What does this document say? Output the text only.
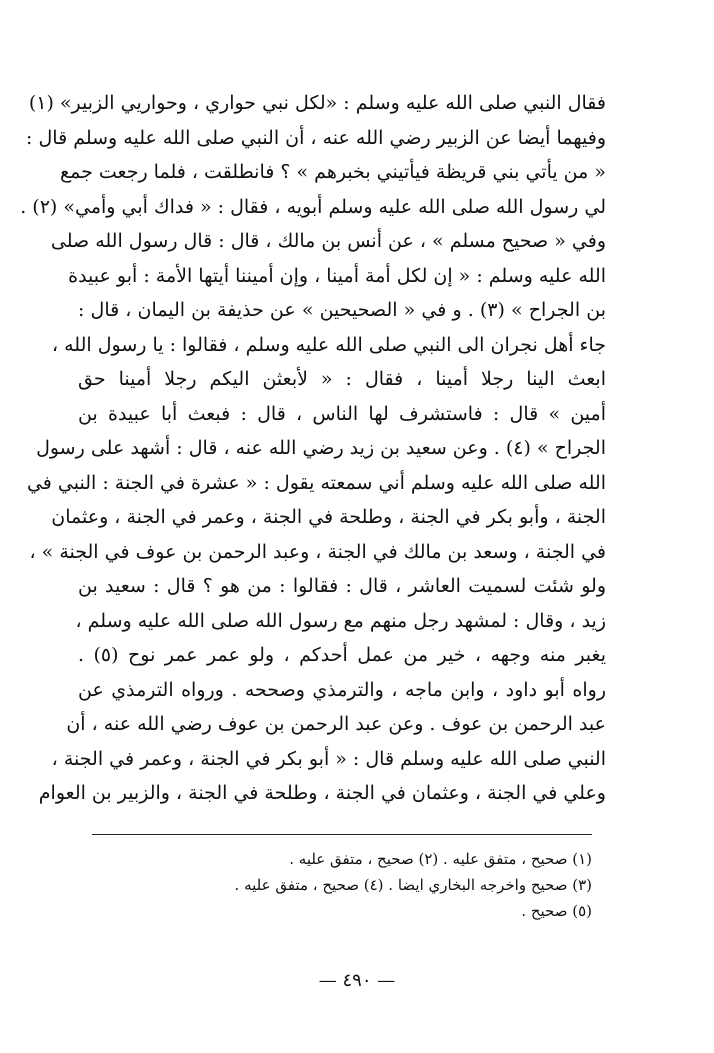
فقال النبي صلى الله عليه وسلم : «لكل نبي حواري ، وحواريي الزبير» (١)
وفيهما أيضا عن الزبير رضي الله عنه ، أن النبي صلى الله عليه وسلم قال :
« من يأتي بني قريظة فيأتيني بخبرهم » ؟ فانطلقت ، فلما رجعت جمع
لي رسول الله صلى الله عليه وسلم أبويه ، فقال : « فداك أبي وأمي» (٢) .
وفي « صحيح مسلم » ، عن أنس بن مالك ، قال : قال رسول الله صلى
الله عليه وسلم : « إن لكل أمة أمينا ، وإن أميننا أيتها الأمة : أبو عبيدة
بن الجراح » (٣) . و في « الصحيحين » عن حذيفة بن اليمان ، قال :
جاء أهل نجران الى النبي صلى الله عليه وسلم ، فقالوا : يا رسول الله ،
ابعث الينا رجلا أمينا ، فقال : « لأبعثن اليكم رجلا أمينا حق
أمين » قال : فاستشرف لها الناس ، قال : فبعث أبا عبيدة بن
الجراح » (٤) . وعن سعيد بن زيد رضي الله عنه ، قال : أشهد على رسول
الله صلى الله عليه وسلم أني سمعته يقول : « عشرة في الجنة : النبي في
الجنة ، وأبو بكر في الجنة ، وطلحة في الجنة ، وعمر في الجنة ، وعثمان
في الجنة ، وسعد بن مالك في الجنة ، وعبد الرحمن بن عوف في الجنة » ،
ولو شئت لسميت العاشر ، قال : فقالوا : من هو ؟ قال : سعيد بن
زيد ، وقال : لمشهد رجل منهم مع رسول الله صلى الله عليه وسلم ،
يغبر منه وجهه ، خير من عمل أحدكم ، ولو عمر عمر نوح (٥) .
رواه أبو داود ، وابن ماجه ، والترمذي وصححه . ورواه الترمذي عن
عبد الرحمن بن عوف . وعن عبد الرحمن بن عوف رضي الله عنه ، أن
النبي صلى الله عليه وسلم قال : « أبو بكر في الجنة ، وعمر في الجنة ،
وعلي في الجنة ، وعثمان في الجنة ، وطلحة في الجنة ، والزبير بن العوام
(١) صحيح ، متفق عليه . (٢) صحيح ، متفق عليه .
(٣) صحيح واخرجه البخاري ايضا . (٤) صحيح ، متفق عليه .
(٥) صحيح .
— ٤٩٠ —
